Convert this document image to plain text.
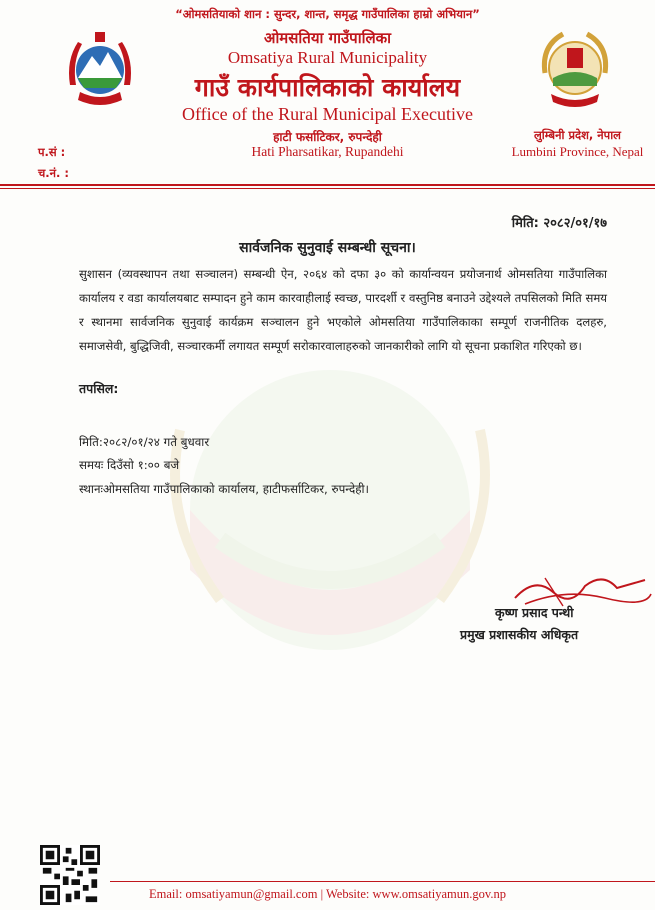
“ओमसतियाको शान : सुन्दर, शान्त, समृद्ध गाउँपालिका हाम्रो अभियान”
ओमसतिया गाउँपालिका
Omsatiya Rural Municipality
गाउँ कार्यपालिकाको कार्यालय
Office of the Rural Municipal Executive
हाटी फर्साटिकर, रुपन्देही
Hati Pharsatikar, Rupandehi
लुम्बिनी प्रदेश, नेपाल
Lumbini Province, Nepal
प.सं :
च.नं. :
मिति: २०८२/०१/१७
सार्वजनिक सुनुवाई सम्बन्धी सूचना।
सुशासन (व्यवस्थापन तथा सञ्चालन) सम्बन्धी ऐन, २०६४ को दफा ३० को कार्यान्वयन प्रयोजनार्थ ओमसतिया गाउँपालिका कार्यालय र वडा कार्यालयबाट सम्पादन हुने काम कारवाहीलाई स्वच्छ, पारदर्शी र वस्तुनिष्ठ बनाउने उद्देश्यले तपसिलको मिति समय र स्थानमा सार्वजनिक सुनुवाई कार्यक्रम सञ्चालन हुने भएकोले ओमसतिया गाउँपालिकाका सम्पूर्ण राजनीतिक दलहरु, समाजसेवी, बुद्धिजिवी, सञ्चारकर्मी लगायत सम्पूर्ण सरोकारवालाहरुको जानकारीको लागि यो सूचना प्रकाशित गरिएको छ।
तपसिल:
मिति:२०८२/०१/२४ गते बुधवार
समयः दिउँसो १:०० बजे
स्थानःओमसतिया गाउँपालिकाको कार्यालय, हाटीफर्साटिकर, रुपन्देही।
कृष्ण प्रसाद पन्थी
प्रमुख प्रशासकीय अधिकृत
Email: omsatiyamun@gmail.com | Website: www.omsatiyamun.gov.np
